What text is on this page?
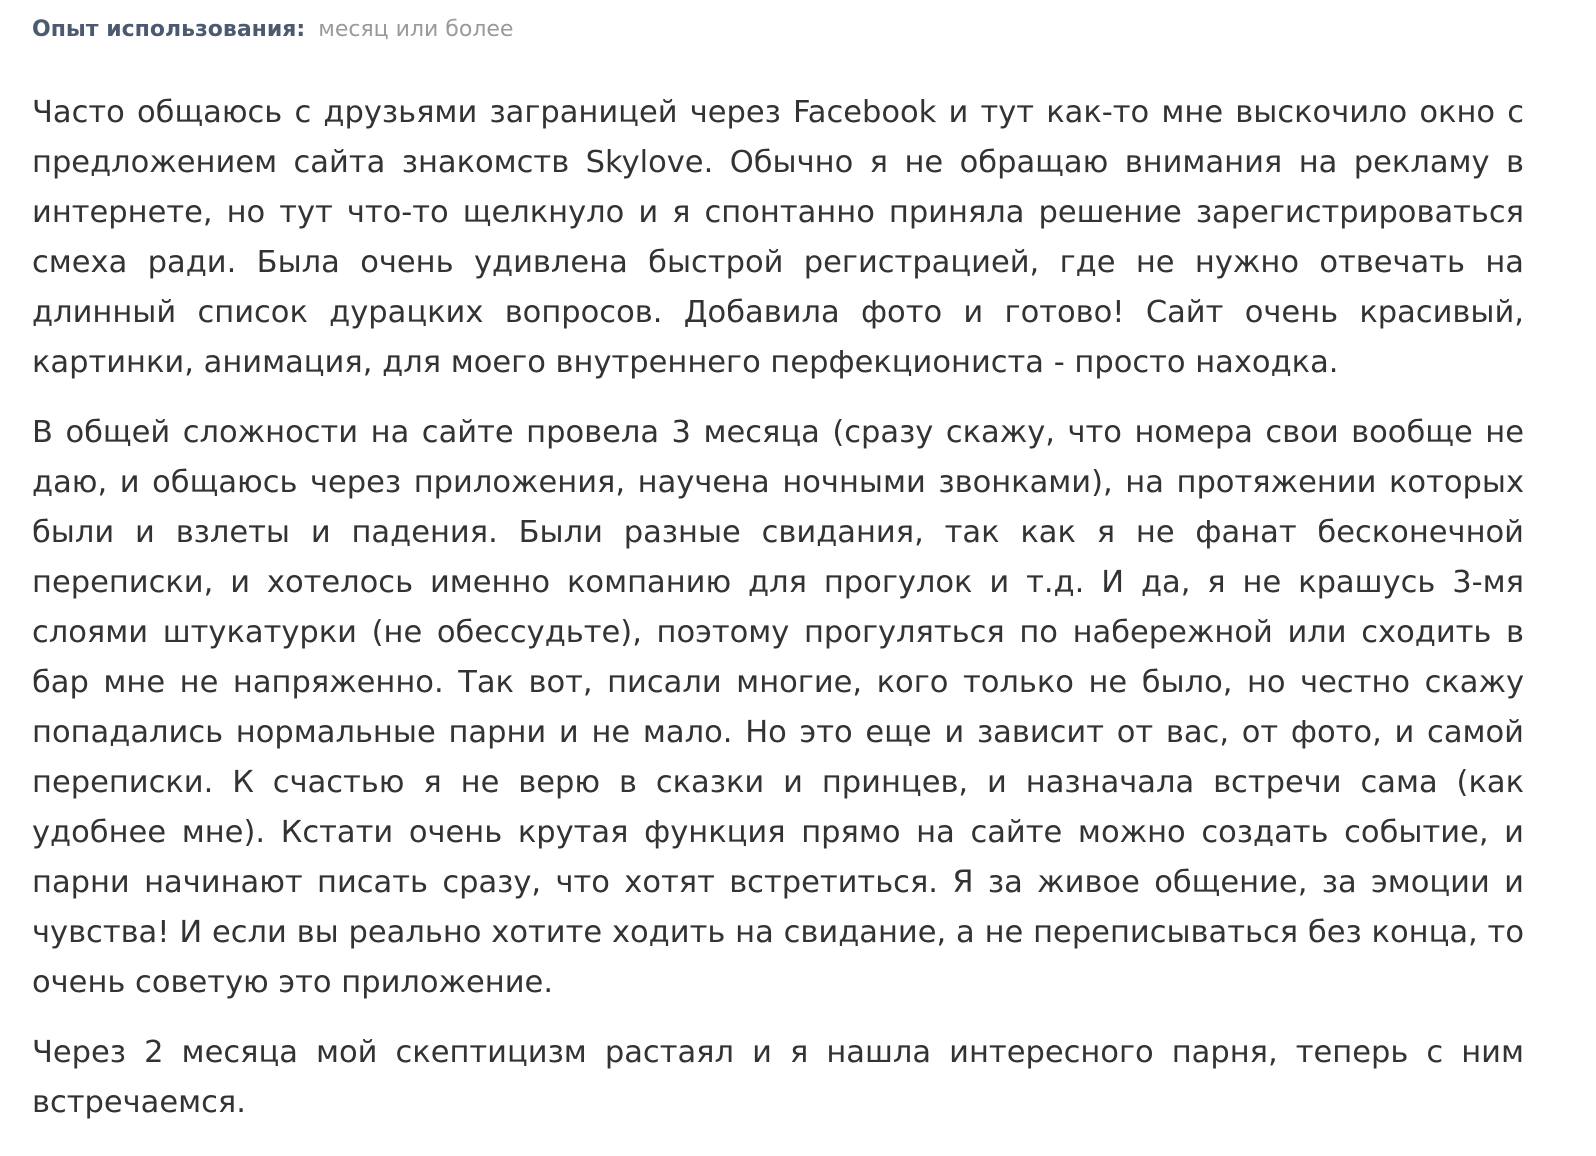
Опыт использования: месяц или более

Часто общаюсь с друзьями заграницей через Facebook и тут как-то мне выскочило окно с предложением сайта знакомств Skylove. Обычно я не обращаю внимания на рекламу в интернете, но тут что-то щелкнуло и я спонтанно приняла решение зарегистрироваться смеха ради. Была очень удивлена быстрой регистрацией, где не нужно отвечать на длинный список дурацких вопросов. Добавила фото и готово! Сайт очень красивый, картинки, анимация, для моего внутреннего перфекциониста - просто находка.

В общей сложности на сайте провела 3 месяца (сразу скажу, что номера свои вообще не даю, и общаюсь через приложения, научена ночными звонками), на протяжении которых были и взлеты и падения. Были разные свидания, так как я не фанат бесконечной переписки, и хотелось именно компанию для прогулок и т.д. И да, я не крашусь 3-мя слоями штукатурки (не обессудьте), поэтому прогуляться по набережной или сходить в бар мне не напряженно. Так вот, писали многие, кого только не было, но честно скажу попадались нормальные парни и не мало. Но это еще и зависит от вас, от фото, и самой переписки. К счастью я не верю в сказки и принцев, и назначала встречи сама (как удобнее мне). Кстати очень крутая функция прямо на сайте можно создать событие, и парни начинают писать сразу, что хотят встретиться. Я за живое общение, за эмоции и чувства! И если вы реально хотите ходить на свидание, а не переписываться без конца, то очень советую это приложение.

Через 2 месяца мой скептицизм растаял и я нашла интересного парня, теперь с ним встречаемся.
